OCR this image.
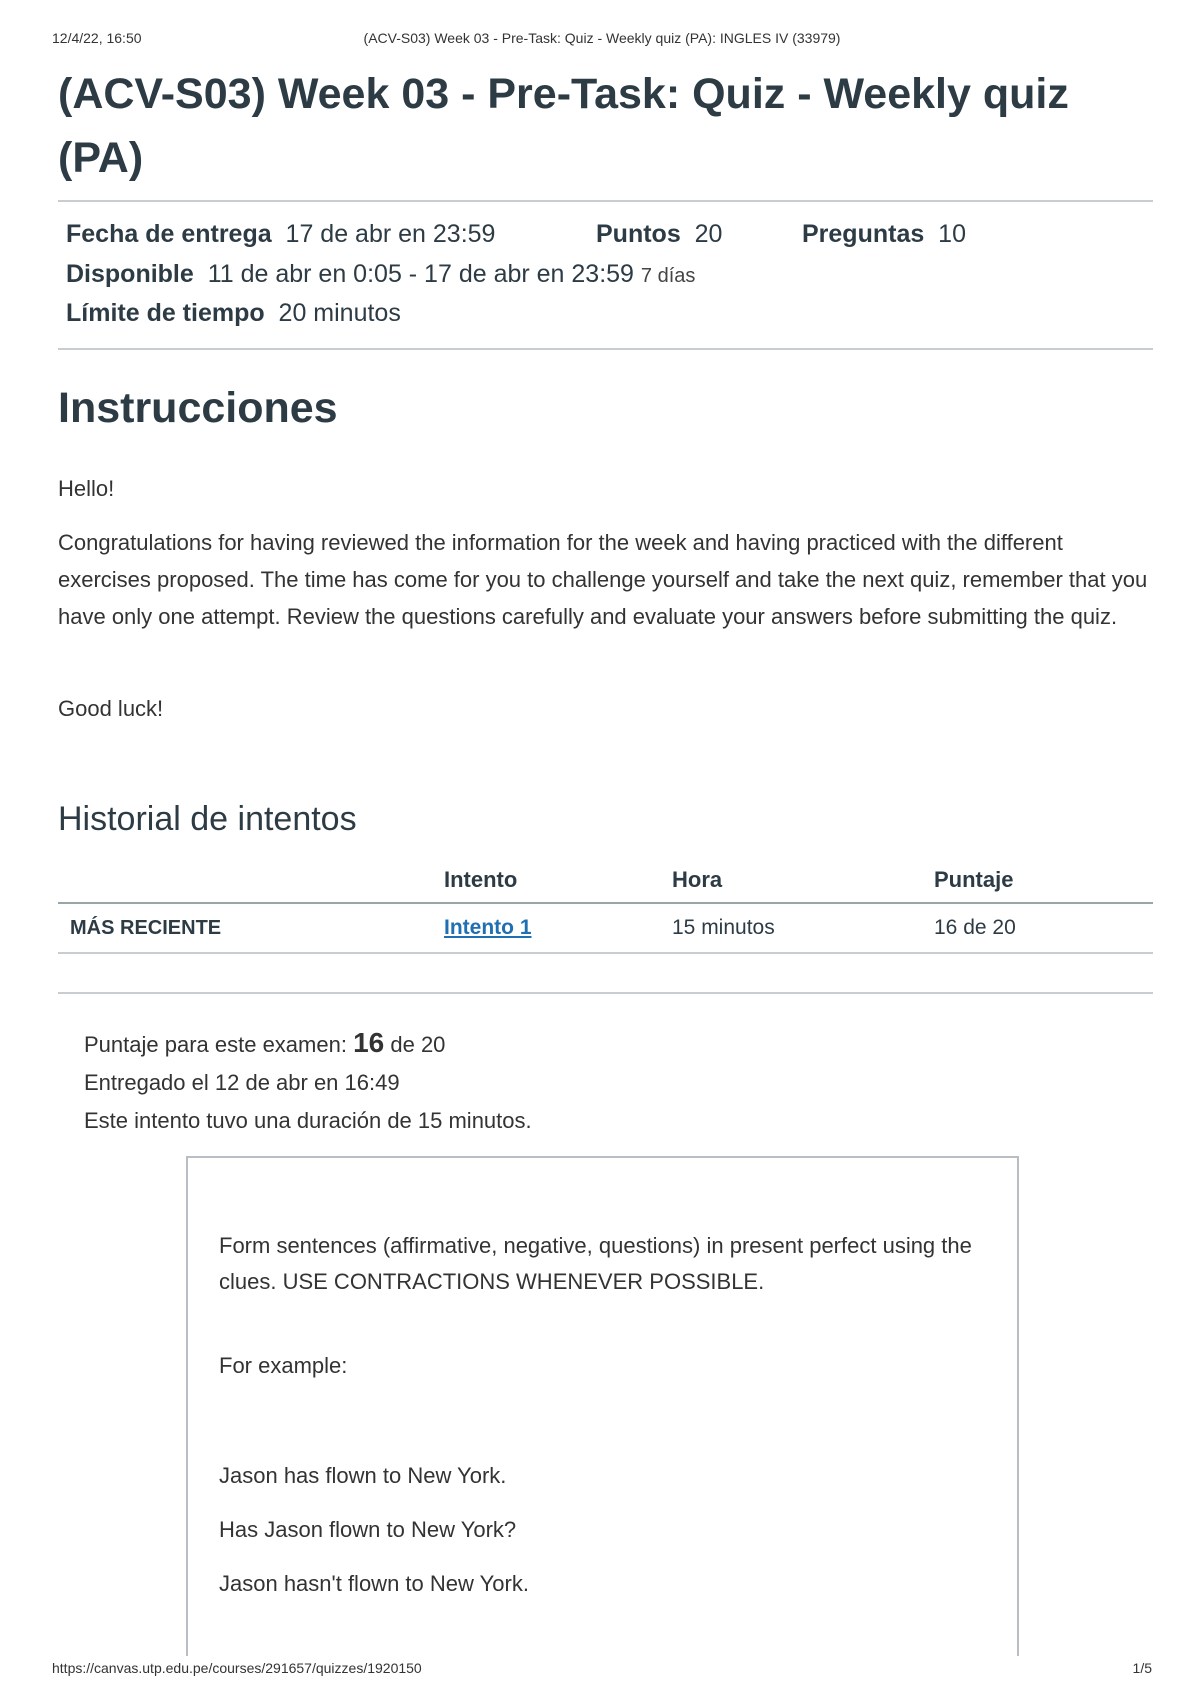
12/4/22, 16:50	(ACV-S03) Week 03 - Pre-Task: Quiz - Weekly quiz (PA): INGLES IV (33979)
(ACV-S03) Week 03 - Pre-Task: Quiz - Weekly quiz (PA)
Fecha de entrega 17 de abr en 23:59	Puntos 20	Preguntas 10
Disponible 11 de abr en 0:05 - 17 de abr en 23:59 7 días
Límite de tiempo 20 minutos
Instrucciones
Hello!
Congratulations for having reviewed the information for the week and having practiced with the different exercises proposed. The time has come for you to challenge yourself and take the next quiz, remember that you have only one attempt. Review the questions carefully and evaluate your answers before submitting the quiz.
Good luck!
Historial de intentos
	Intento	Hora	Puntaje
MÁS RECIENTE	Intento 1	15 minutos	16 de 20
Puntaje para este examen: 16 de 20
Entregado el 12 de abr en 16:49
Este intento tuvo una duración de 15 minutos.
Form sentences (affirmative, negative, questions) in present perfect using the clues. USE CONTRACTIONS WHENEVER POSSIBLE.
For example:
Jason has flown to New York.
Has Jason flown to New York?
Jason hasn't flown to New York.
https://canvas.utp.edu.pe/courses/291657/quizzes/1920150	1/5
